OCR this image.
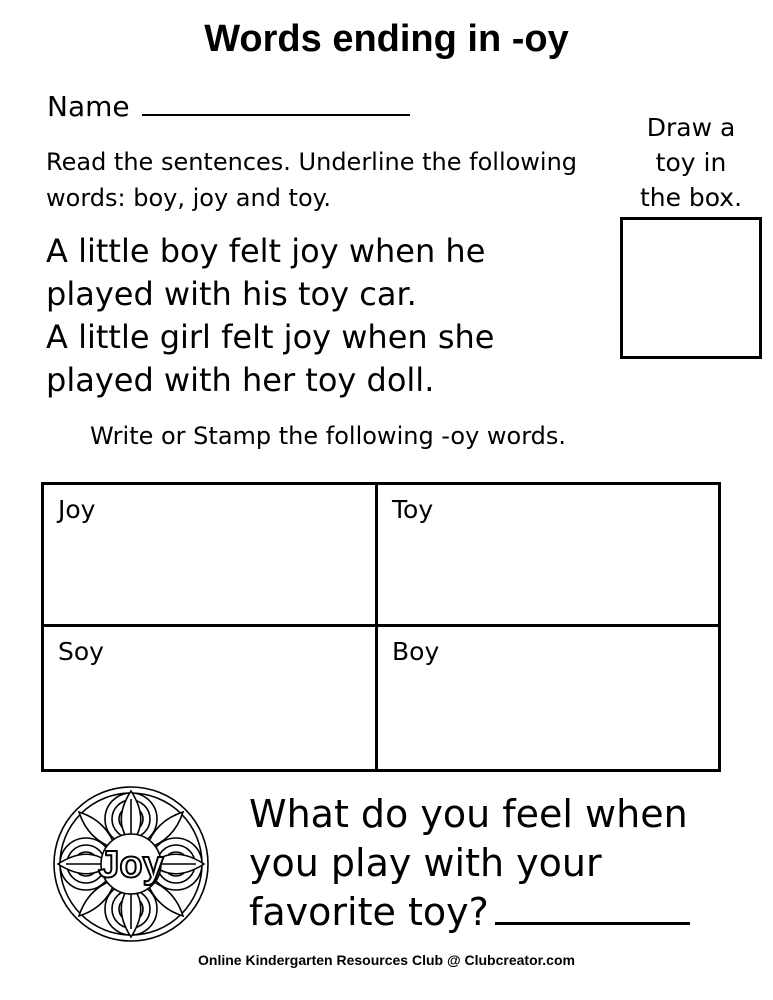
Words ending in -oy
Name
Read the sentences. Underline the following words: boy, joy and toy.
A little boy felt joy when he
played with his toy car.
A little girl felt joy when she
played with her toy doll.
Draw a
toy in
the box.
Write or Stamp the following -oy words.
Joy	Toy
Soy	Boy
Joy
What do you feel when
you play with your
favorite toy?
Online Kindergarten Resources Club @ Clubcreator.com
